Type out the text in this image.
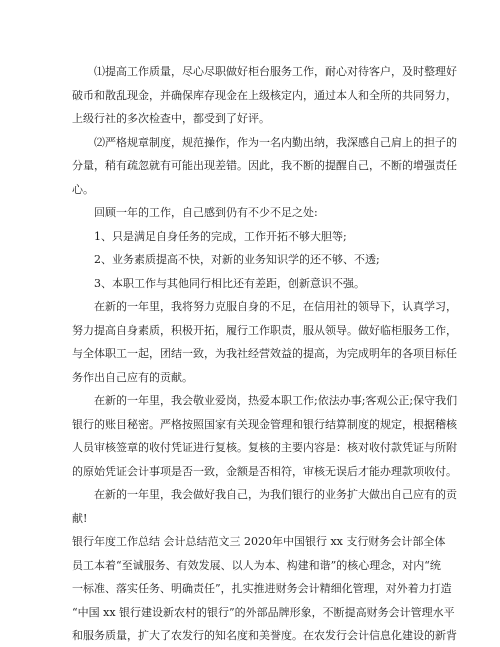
⑴提高工作质量，尽心尽职做好柜台服务工作，耐心对待客户，及时整理好
破币和散乱现金，并确保库存现金在上级核定内，通过本人和全所的共同努力，
上级行社的多次检查中，都受到了好评。
⑵严格规章制度，规范操作，作为一名内勤出纳，我深感自己肩上的担子的
分量，稍有疏忽就有可能出现差错。因此，我不断的提醒自己，不断的增强责任
心。
回顾一年的工作，自己感到仍有不少不足之处:
1、只是满足自身任务的完成，工作开拓不够大胆等;
2、业务素质提高不快，对新的业务知识学的还不够、不透;
3、本职工作与其他同行相比还有差距，创新意识不强。
在新的一年里，我将努力克服自身的不足，在信用社的领导下，认真学习，
努力提高自身素质，积极开拓，履行工作职责，服从领导。做好临柜服务工作，
与全体职工一起，团结一致，为我社经营效益的提高，为完成明年的各项目标任
务作出自己应有的贡献。
在新的一年里，我会敬业爱岗，热爱本职工作;依法办事;客观公正;保守我们
银行的账目秘密。严格按照国家有关现金管理和银行结算制度的规定，根据稽核
人员审核签章的收付凭证进行复核。复核的主要内容是：核对收付款凭证与所附
的原始凭证会计事项是否一致，金额是否相符，审核无误后才能办理款项收付。
在新的一年里，我会做好我自己，为我们银行的业务扩大做出自己应有的贡
献!
银行年度工作总结 会计总结范文三 2020年中国银行 xx 支行财务会计部全体
员工本着“至诚服务、有效发展、以人为本、构建和谐”的核心理念，对内“统
一标准、落实任务、明确责任”，扎实推进财务会计精细化管理，对外着力打造
“中国 xx 银行建设新农村的银行”的外部品牌形象，不断提高财务会计管理水平
和服务质量，扩大了农发行的知名度和美誉度。在农发行会计信息化建设的新背
